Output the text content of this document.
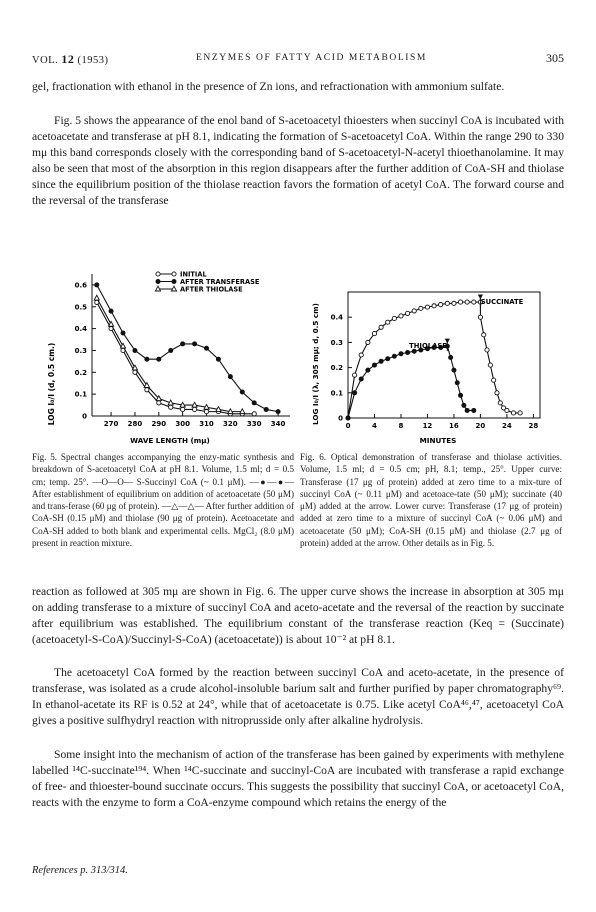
VOL. 12 (1953)	ENZYMES OF FATTY ACID METABOLISM	305

gel, fractionation with ethanol in the presence of Zn ions, and refractionation with ammonium sulfate.

Fig. 5 shows the appearance of the enol band of S-acetoacetyl thioesters when succinyl CoA is incubated with acetoacetate and transferase at pH 8.1, indicating the formation of S-acetoacetyl CoA. Within the range 290 to 330 mμ this band corresponds closely with the corresponding band of S-acetoacetyl-N-acetyl thioethanolamine. It may also be seen that most of the absorption in this region disappears after the further addition of CoA-SH and thiolase since the equilibrium position of the thiolase reaction favors the formation of acetyl CoA. The forward course and the reversal of the transferase

0
0.1
0.2
0.3
0.4
0.5
0.6
270 280 290 300 310 320 330 340
INITIAL
AFTER TRANSFERASE
AFTER THIOLASE
LOG I₀/I (d, 0.5 cm.)
WAVE LENGTH (mμ)

Fig. 5. Spectral changes accompanying the enzy-matic synthesis and breakdown of S-acetoacetyl CoA at pH 8.1. Volume, 1.5 ml; d = 0.5 cm; temp. 25°. —O—O— S-Succinyl CoA (~ 0.1 μM). —●—●— After establishment of equilibrium on addition of acetoacetate (50 μM) and trans-ferase (60 μg of protein). —△—△— After further addition of CoA-SH (0.15 μM) and thiolase (90 μg of protein). Acetoacetate and CoA-SH added to both blank and experimental cells. MgCl₂ (8.0 μM) present in reaction mixture.

0
0.1
0.2
0.3
0.4
0	4	8	12 16 20 24 28
SUCCINATE
THIOLASE
LOG I₀/I (λ, 305 mμ; d, 0.5 cm)
MINUTES

Fig. 6. Optical demonstration of transferase and thiolase activities. Volume, 1.5 ml; d = 0.5 cm; pH, 8.1; temp., 25°. Upper curve: Transferase (17 μg of protein) added at zero time to a mix-ture of succinyl CoA (~ 0.11 μM) and acetoace-tate (50 μM); succinate (40 μM) added at the arrow. Lower curve: Transferase (17 μg of protein) added at zero time to a mixture of succinyl CoA (~ 0.06 μM) and acetoacetate (50 μM); CoA-SH (0.15 μM) and thiolase (2.7 μg of protein) added at the arrow. Other details as in Fig. 5.

reaction as followed at 305 mμ are shown in Fig. 6. The upper curve shows the increase in absorption at 305 mμ on adding transferase to a mixture of succinyl CoA and aceto-acetate and the reversal of the reaction by succinate after equilibrium was established. The equilibrium constant of the transferase reaction (Keq = (Succinate) (acetoacetyl-S-CoA)/Succinyl-S-CoA) (acetoacetate)) is about 10⁻² at pH 8.1.

The acetoacetyl CoA formed by the reaction between succinyl CoA and aceto-acetate, in the presence of transferase, was isolated as a crude alcohol-insoluble barium salt and further purified by paper chromatography⁶⁹. In ethanol-acetate its RF is 0.52 at 24°, while that of acetoacetate is 0.75. Like acetyl CoA⁴⁶,⁴⁷, acetoacetyl CoA gives a positive sulfhydryl reaction with nitroprusside only after alkaline hydrolysis.

Some insight into the mechanism of action of the transferase has been gained by experiments with methylene labelled ¹⁴C-succinate¹⁹⁴. When ¹⁴C-succinate and succinyl-CoA are incubated with transferase a rapid exchange of free- and thioester-bound succinate occurs. This suggests the possibility that succinyl CoA, or acetoacetyl CoA, reacts with the enzyme to form a CoA-enzyme compound which retains the energy of the

References p. 313/314.
